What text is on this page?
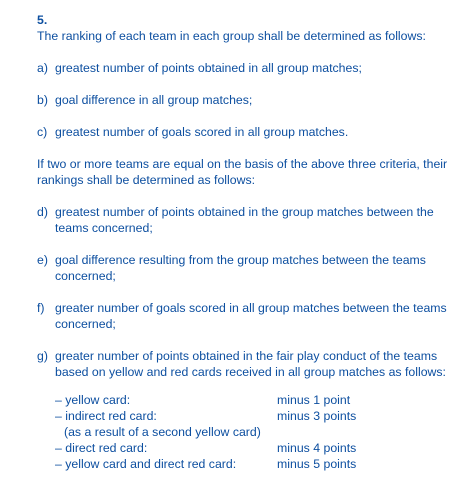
5.

The ranking of each team in each group shall be determined as follows:

a) greatest number of points obtained in all group matches;
b) goal difference in all group matches;
c) greatest number of goals scored in all group matches.

If two or more teams are equal on the basis of the above three criteria, their rankings shall be determined as follows:

d) greatest number of points obtained in the group matches between the teams concerned;
e) goal difference resulting from the group matches between the teams concerned;
f) greater number of goals scored in all group matches between the teams concerned;
g) greater number of points obtained in the fair play conduct of the teams based on yellow and red cards received in all group matches as follows:
– yellow card:	minus 1 point
– indirect red card:	minus 3 points
(as a result of a second yellow card)
– direct red card:	minus 4 points
– yellow card and direct red card:	minus 5 points
